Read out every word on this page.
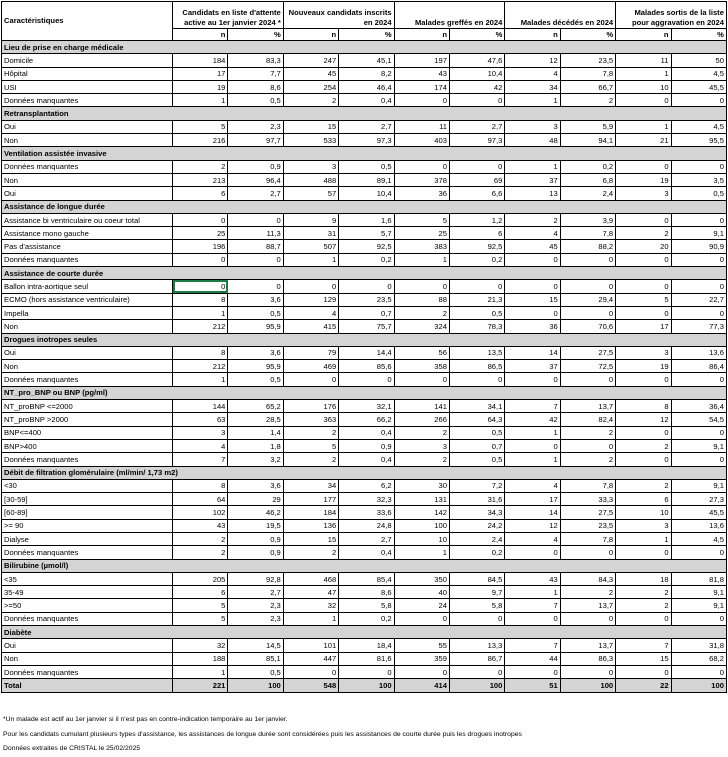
Caractéristiques	Candidats en liste d'attente active au 1er janvier 2024 *		Nouveaux candidats inscrits en 2024		Malades greffés en 2024		Malades décédés en 2024		Malades sortis de la liste pour aggravation en 2024	
	n	%	n	%	n	%	n	%	n	%
Lieu de prise en charge médicale										
Domicile	184	83,3	247	45,1	197	47,6	12	23,5	11	50
Hôpital	17	7,7	45	8,2	43	10,4	4	7,8	1	4,5
USI	19	8,6	254	46,4	174	42	34	66,7	10	45,5
Données manquantes	1	0,5	2	0,4	0	0	1	2	0	0
Retransplantation										
Oui	5	2,3	15	2,7	11	2,7	3	5,9	1	4,5
Non	216	97,7	533	97,3	403	97,3	48	94,1	21	95,5
Ventilation assistée invasive										
Données manquantes	2	0,9	3	0,5	0	0	1	0,2	0	0
Non	213	96,4	488	89,1	378	69	37	6,8	19	3,5
Oui	6	2,7	57	10,4	36	6,6	13	2,4	3	0,5
Assistance de longue durée										
Assistance bi ventriculaire ou coeur total	0	0	9	1,6	5	1,2	2	3,9	0	0
Assistance mono gauche	25	11,3	31	5,7	25	6	4	7,8	2	9,1
Pas d'assistance	196	88,7	507	92,5	383	92,5	45	88,2	20	90,9
Données manquantes	0	0	1	0,2	1	0,2	0	0	0	0
Assistance de courte durée										
Ballon intra-aortique seul	0	0	0	0	0	0	0	0	0	0
ECMO (hors assistance ventriculaire)	8	3,6	129	23,5	88	21,3	15	29,4	5	22,7
Impella	1	0,5	4	0,7	2	0,5	0	0	0	0
Non	212	95,9	415	75,7	324	78,3	36	70,6	17	77,3
Drogues inotropes seules										
Oui	8	3,6	79	14,4	56	13,5	14	27,5	3	13,6
Non	212	95,9	469	85,6	358	86,5	37	72,5	19	86,4
Données manquantes	1	0,5	0	0	0	0	0	0	0	0
NT_pro_BNP ou BNP (pg/ml)										
NT_proBNP <=2000	144	65,2	176	32,1	141	34,1	7	13,7	8	36,4
NT_proBNP >2000	63	28,5	363	66,2	266	64,3	42	82,4	12	54,5
BNP<=400	3	1,4	2	0,4	2	0,5	1	2	0	0
BNP>400	4	1,8	5	0,9	3	0,7	0	0	2	9,1
Données manquantes	7	3,2	2	0,4	2	0,5	1	2	0	0
Débit de filtration glomérulaire (ml/min/ 1,73 m2)										
<30	8	3,6	34	6,2	30	7,2	4	7,8	2	9,1
[30-59]	64	29	177	32,3	131	31,6	17	33,3	6	27,3
[60-89]	102	46,2	184	33,6	142	34,3	14	27,5	10	45,5
>= 90	43	19,5	136	24,8	100	24,2	12	23,5	3	13,6
Dialyse	2	0,9	15	2,7	10	2,4	4	7,8	1	4,5
Données manquantes	2	0,9	2	0,4	1	0,2	0	0	0	0
Bilirubine (µmol/l)										
<35	205	92,8	468	85,4	350	84,5	43	84,3	18	81,8
35-49	6	2,7	47	8,6	40	9,7	1	2	2	9,1
>=50	5	2,3	32	5,8	24	5,8	7	13,7	2	9,1
Données manquantes	5	2,3	1	0,2	0	0	0	0	0	0
Diabète										
Oui	32	14,5	101	18,4	55	13,3	7	13,7	7	31,8
Non	188	85,1	447	81,6	359	86,7	44	86,3	15	68,2
Données manquantes	1	0,5	0	0	0	0	0	0	0	0
Total	221	100	548	100	414	100	51	100	22	100
*Un malade est actif au 1er janvier si il n'est pas en contre-indication temporaire au 1er janvier.
Pour les candidats cumulant plusieurs types d'assistance, les assistances de longue durée sont considérées puis les assistances de courte durée puis les drogues inotropes
Données extraites de CRISTAL le 25/02/2025
